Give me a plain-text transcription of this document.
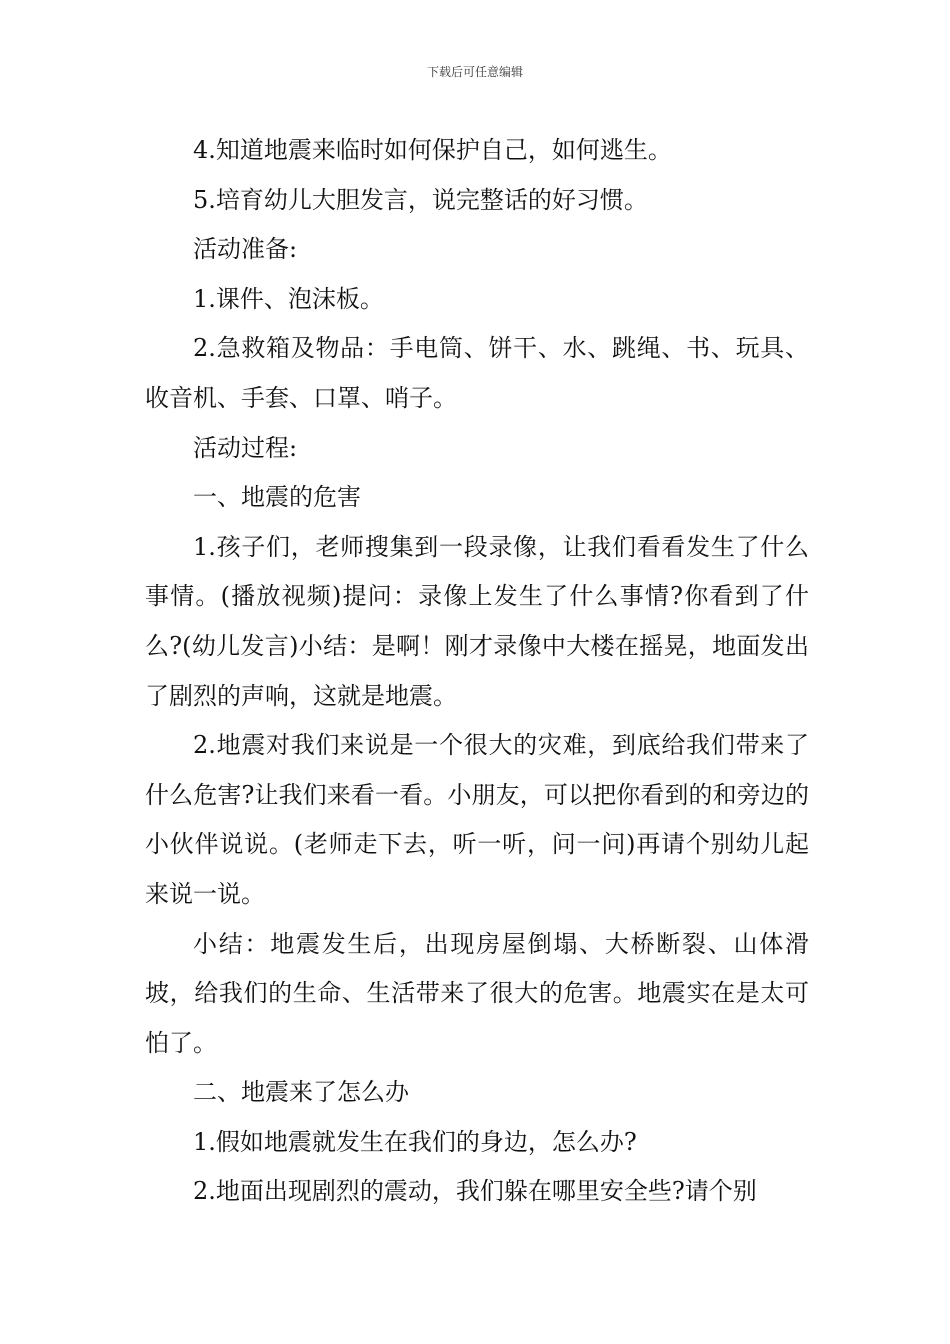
下载后可任意编辑

4.知道地震来临时如何保护自己，如何逃生。

5.培育幼儿大胆发言，说完整话的好习惯。

活动准备:

1.课件、泡沫板。

2.急救箱及物品：手电筒、饼干、水、跳绳、书、玩具、收音机、手套、口罩、哨子。

活动过程:

一、地震的危害

1.孩子们，老师搜集到一段录像，让我们看看发生了什么事情。(播放视频)提问：录像上发生了什么事情?你看到了什么?(幼儿发言)小结：是啊！刚才录像中大楼在摇晃，地面发出了剧烈的声响，这就是地震。

2.地震对我们来说是一个很大的灾难，到底给我们带来了什么危害?让我们来看一看。小朋友，可以把你看到的和旁边的小伙伴说说。(老师走下去，听一听，问一问)再请个别幼儿起来说一说。

小结：地震发生后，出现房屋倒塌、大桥断裂、山体滑坡，给我们的生命、生活带来了很大的危害。地震实在是太可怕了。

二、地震来了怎么办

1.假如地震就发生在我们的身边，怎么办?

2.地面出现剧烈的震动，我们躲在哪里安全些?请个别
